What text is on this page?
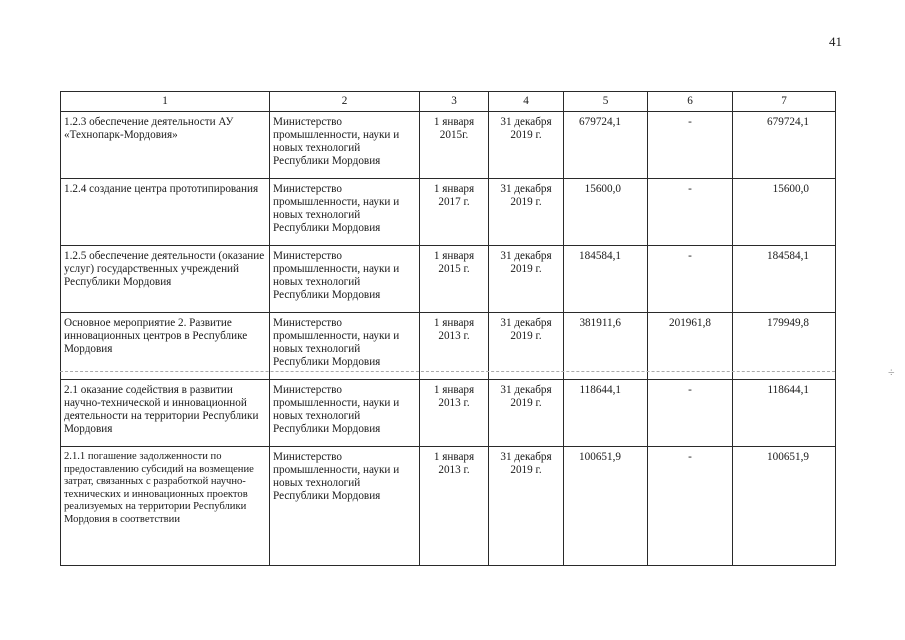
41
1	2	3	4	5	6	7
1.2.3 обеспечение деятельности АУ «Технопарк-Мордовия»	Министерство промышленности, науки и новых технологий Республики Мордовия	1 января 2015г.	31 декабря 2019 г.	679724,1	-	679724,1
1.2.4 создание центра прототипирования	Министерство промышленности, науки и новых технологий Республики Мордовия	1 января 2017 г.	31 декабря 2019 г.	15600,0	-	15600,0
1.2.5 обеспечение деятельности (оказание услуг) государственных учреждений Республики Мордовия	Министерство промышленности, науки и новых технологий Республики Мордовия	1 января 2015 г.	31 декабря 2019 г.	184584,1	-	184584,1
Основное мероприятие 2. Развитие инновационных центров в Республике Мордовия	Министерство промышленности, науки и новых технологий Республики Мордовия	1 января 2013 г.	31 декабря 2019 г.	381911,6	201961,8	179949,8
2.1 оказание содействия в развитии научно-технической и инновационной деятельности на территории Республики Мордовия	Министерство промышленности, науки и новых технологий Республики Мордовия	1 января 2013 г.	31 декабря 2019 г.	118644,1	-	118644,1
2.1.1 погашение задолженности по предоставлению субсидий на возмещение затрат, связанных с разработкой научно-технических и инновационных проектов реализуемых на территории Республики Мордовия в соответствии	Министерство промышленности, науки и новых технологий Республики Мордовия	1 января 2013 г.	31 декабря 2019 г.	100651,9	-	100651,9
÷
